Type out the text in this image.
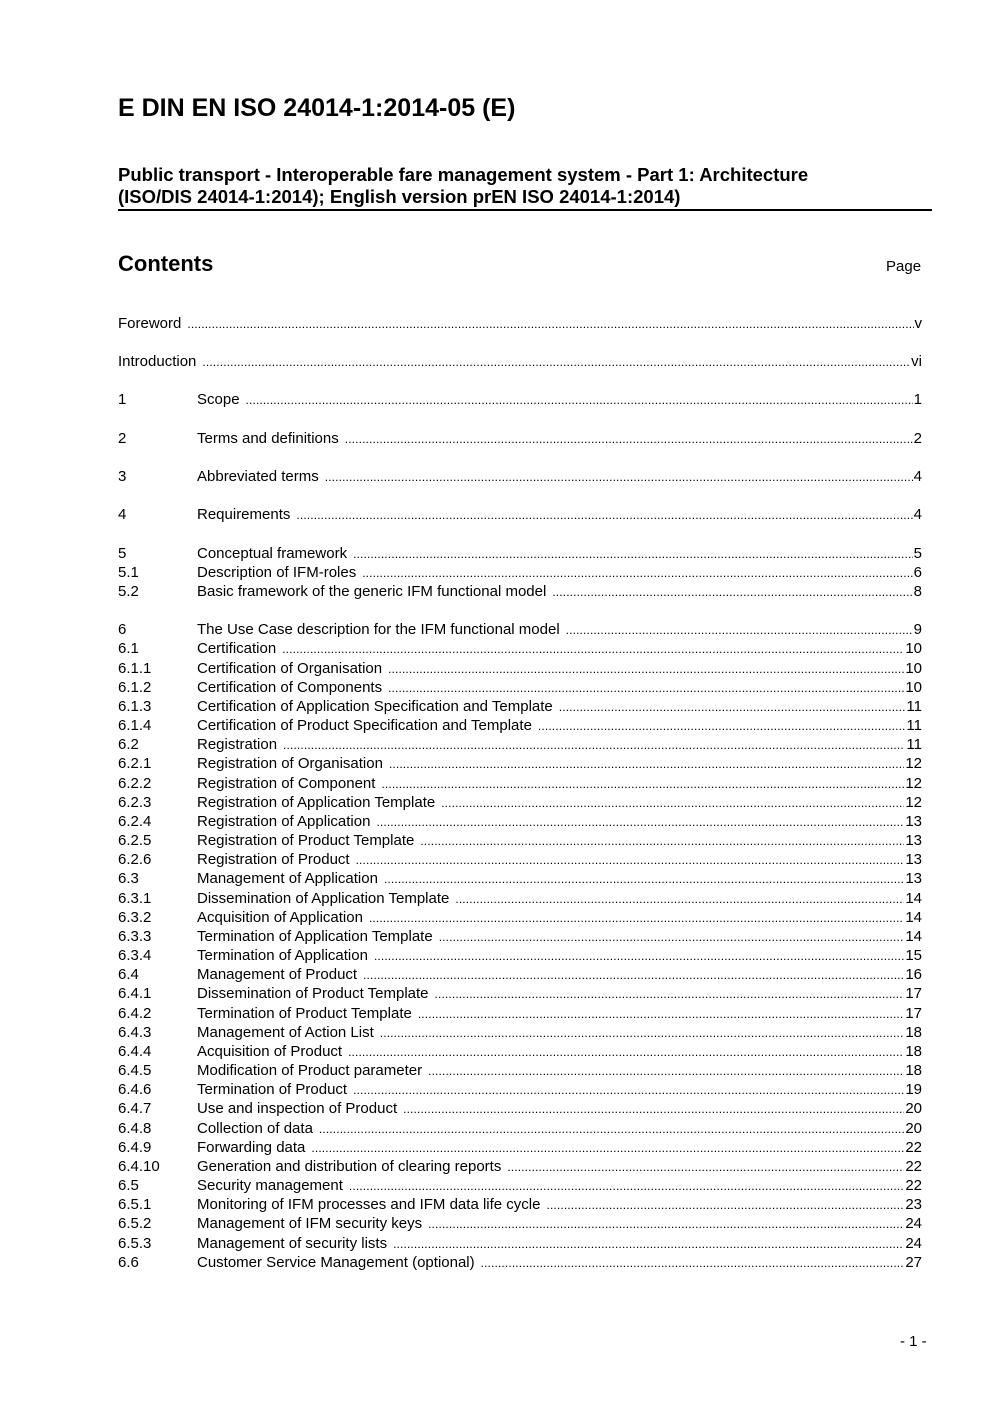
E DIN EN ISO 24014-1:2014-05 (E)
Public transport - Interoperable fare management system - Part 1: Architecture
(ISO/DIS 24014-1:2014); English version prEN ISO 24014-1:2014)
Contents	Page
Foreword . . .	v
Introduction . . .	vi
1	Scope . . .	1
2	Terms and definitions . . .	2
3	Abbreviated terms . . .	4
4	Requirements . . .	4
5	Conceptual framework . . .	5
5.1	Description of IFM-roles . . .	6
5.2	Basic framework of the generic IFM functional model . . .	8
6	The Use Case description for the IFM functional model . . .	9
6.1	Certification . . .	10
6.1.1	Certification of Organisation . . .	10
6.1.2	Certification of Components . . .	10
6.1.3	Certification of Application Specification and Template . . .	11
6.1.4	Certification of Product Specification and Template . . .	11
6.2	Registration . . .	11
6.2.1	Registration of Organisation . . .	12
6.2.2	Registration of Component . . .	12
6.2.3	Registration of Application Template . . .	12
6.2.4	Registration of Application . . .	13
6.2.5	Registration of Product Template . . .	13
6.2.6	Registration of Product . . .	13
6.3	Management of Application . . .	13
6.3.1	Dissemination of Application Template . . .	14
6.3.2	Acquisition of Application . . .	14
6.3.3	Termination of Application Template . . .	14
6.3.4	Termination of Application . . .	15
6.4	Management of Product . . .	16
6.4.1	Dissemination of Product Template . . .	17
6.4.2	Termination of Product Template . . .	17
6.4.3	Management of Action List . . .	18
6.4.4	Acquisition of Product . . .	18
6.4.5	Modification of Product parameter . . .	18
6.4.6	Termination of Product . . .	19
6.4.7	Use and inspection of Product . . .	20
6.4.8	Collection of data . . .	20
6.4.9	Forwarding data . . .	22
6.4.10	Generation and distribution of clearing reports . . .	22
6.5	Security management . . .	22
6.5.1	Monitoring of IFM processes and IFM data life cycle . . .	23
6.5.2	Management of IFM security keys . . .	24
6.5.3	Management of security lists . . .	24
6.6	Customer Service Management (optional) . . .	27
- 1 -
